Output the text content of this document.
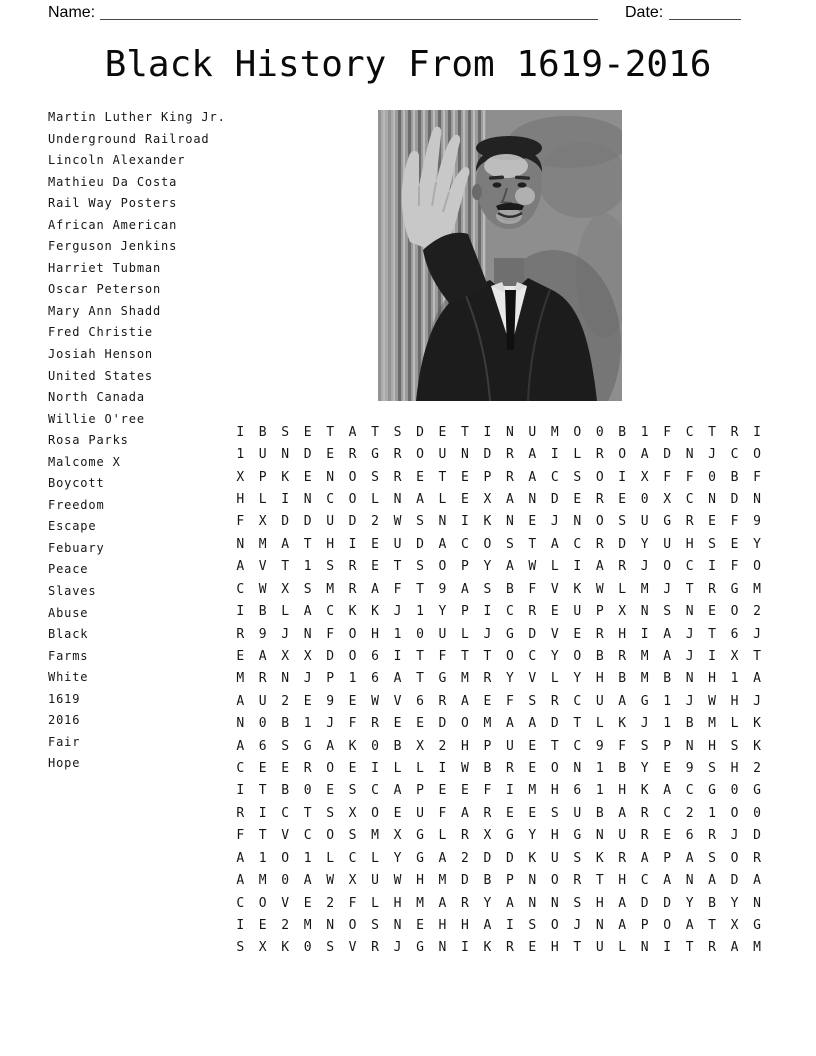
Name:	Date:
Black History From 1619-2016
Martin Luther King Jr.
Underground Railroad
Lincoln Alexander
Mathieu Da Costa
Rail Way Posters
African American
Ferguson Jenkins
Harriet Tubman
Oscar Peterson
Mary Ann Shadd
Fred Christie
Josiah Henson
United States
North Canada
Willie O'ree
Rosa Parks
Malcome X
Boycott
Freedom
Escape
Febuary
Peace
Slaves
Abuse
Black
Farms
White
1619
2016
Fair
Hope
I	B	S	E	T	A	T	S	D	E	T	I	N	U	M	O	0	B	1	F	C	T	R	I
1	U	N	D	E	R	G	R	O	U	N	D	R	A	I	L	R	O	A	D	N	J	C	O
X	P	K	E	N	O	S	R	E	T	E	P	R	A	C	S	O	I	X	F	F	0	B	F
H	L	I	N	C	O	L	N	A	L	E	X	A	N	D	E	R	E	0	X	C	N	D	N
F	X	D	D	U	D	2	W	S	N	I	K	N	E	J	N	O	S	U	G	R	E	F	9
N	M	A	T	H	I	E	U	D	A	C	O	S	T	A	C	R	D	Y	U	H	S	E	Y
A	V	T	1	S	R	E	T	S	O	P	Y	A	W	L	I	A	R	J	O	C	I	F	O
C	W	X	S	M	R	A	F	T	9	A	S	B	F	V	K	W	L	M	J	T	R	G	M
I	B	L	A	C	K	K	J	1	Y	P	I	C	R	E	U	P	X	N	S	N	E	O	2
R	9	J	N	F	O	H	1	0	U	L	J	G	D	V	E	R	H	I	A	J	T	6	J
E	A	X	X	D	O	6	I	T	F	T	T	O	C	Y	O	B	R	M	A	J	I	X	T
M	R	N	J	P	1	6	A	T	G	M	R	Y	V	L	Y	H	B	M	B	N	H	1	A
A	U	2	E	9	E	W	V	6	R	A	E	F	S	R	C	U	A	G	1	J	W	H	J
N	0	B	1	J	F	R	E	E	D	O	M	A	A	D	T	L	K	J	1	B	M	L	K
A	6	S	G	A	K	0	B	X	2	H	P	U	E	T	C	9	F	S	P	N	H	S	K
C	E	E	R	O	E	I	L	L	I	W	B	R	E	O	N	1	B	Y	E	9	S	H	2
I	T	B	0	E	S	C	A	P	E	E	F	I	M	H	6	1	H	K	A	C	G	0	G
R	I	C	T	S	X	O	E	U	F	A	R	E	E	S	U	B	A	R	C	2	1	O	0
F	T	V	C	O	S	M	X	G	L	R	X	G	Y	H	G	N	U	R	E	6	R	J	D
A	1	O	1	L	C	L	Y	G	A	2	D	D	K	U	S	K	R	A	P	A	S	O	R
A	M	0	A	W	X	U	W	H	M	D	B	P	N	O	R	T	H	C	A	N	A	D	A
C	O	V	E	2	F	L	H	M	A	R	Y	A	N	N	S	H	A	D	D	Y	B	Y	N
I	E	2	M	N	O	S	N	E	H	H	A	I	S	O	J	N	A	P	O	A	T	X	G
S	X	K	0	S	V	R	J	G	N	I	K	R	E	H	T	U	L	N	I	T	R	A	M
